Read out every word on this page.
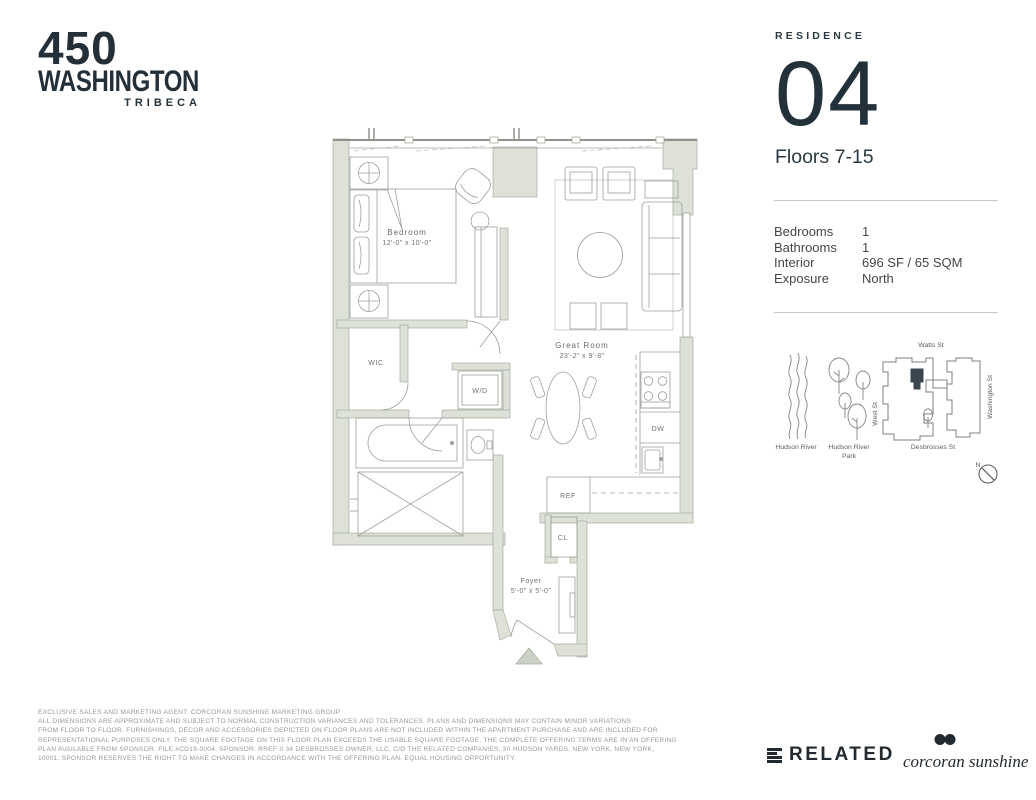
450
WASHINGTON
TRIBECA
RESIDENCE
04
Floors 7-15
Bedrooms	1
Bathrooms	1
Interior	696 SF / 65 SQM
Exposure	North
Hudson River Hudson River
Park
West St
Watts St
Desbrosses St
Washington St
N
Bedroom
12'-0" x 10'-0"
WIC
W/D
Great Room
23'-2" x 9'-8"
DW
REF
CL
Foyer
5'-0" x 5'-0"
EXCLUSIVE SALES AND MARKETING AGENT: CORCORAN SUNSHINE MARKETING GROUP
ALL DIMENSIONS ARE APPROXIMATE AND SUBJECT TO NORMAL CONSTRUCTION VARIANCES AND TOLERANCES. PLANS AND DIMENSIONS MAY CONTAIN MINOR VARIATIONS
FROM FLOOR TO FLOOR. FURNISHINGS, DÉCOR AND ACCESSORIES DEPICTED ON FLOOR PLANS ARE NOT INCLUDED WITHIN THE APARTMENT PURCHASE AND ARE INCLUDED FOR
REPRESENTATIONAL PURPOSES ONLY. THE SQUARE FOOTAGE ON THIS FLOOR PLAN EXCEEDS THE USABLE SQUARE FOOTAGE. THE COMPLETE OFFERING TERMS ARE IN AN OFFERING
PLAN AVAILABLE FROM SPONSOR. FILE #CD19-0004. SPONSOR: RREF II 34 DESBROSSES OWNER, LLC, C/O THE RELATED COMPANIES, 30 HUDSON YARDS, NEW YORK, NEW YORK,
10001. SPONSOR RESERVES THE RIGHT TO MAKE CHANGES IN ACCORDANCE WITH THE OFFERING PLAN. EQUAL HOUSING OPPORTUNITY.	RELATED corcoran sunshine
